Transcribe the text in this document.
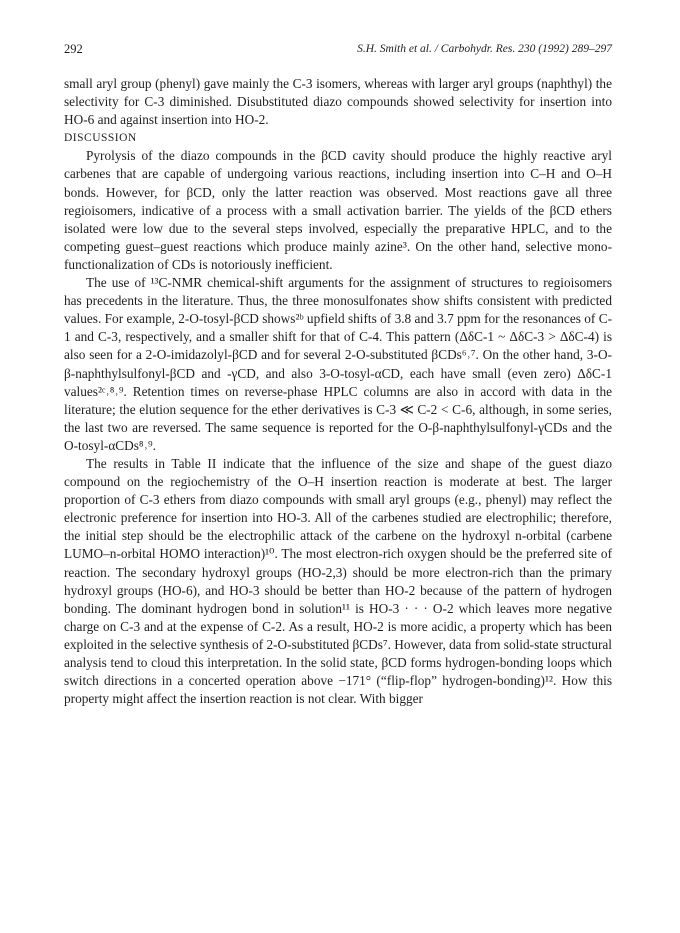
292	S.H. Smith et al. / Carbohydr. Res. 230 (1992) 289–297

small aryl group (phenyl) gave mainly the C-3 isomers, whereas with larger aryl groups (naphthyl) the selectivity for C-3 diminished. Disubstituted diazo compounds showed selectivity for insertion into HO-6 and against insertion into HO-2.

DISCUSSION

Pyrolysis of the diazo compounds in the βCD cavity should produce the highly reactive aryl carbenes that are capable of undergoing various reactions, including insertion into C–H and O–H bonds. However, for βCD, only the latter reaction was observed. Most reactions gave all three regioisomers, indicative of a process with a small activation barrier. The yields of the βCD ethers isolated were low due to the several steps involved, especially the preparative HPLC, and to the competing guest–guest reactions which produce mainly azine³. On the other hand, selective mono-functionalization of CDs is notoriously inefficient.

The use of ¹³C-NMR chemical-shift arguments for the assignment of structures to regioisomers has precedents in the literature. Thus, the three monosulfonates show shifts consistent with predicted values. For example, 2-O-tosyl-βCD shows²ᵇ upfield shifts of 3.8 and 3.7 ppm for the resonances of C-1 and C-3, respectively, and a smaller shift for that of C-4. This pattern (ΔδC-1 ~ ΔδC-3 > ΔδC-4) is also seen for a 2-O-imidazolyl-βCD and for several 2-O-substituted βCDs⁶˒⁷. On the other hand, 3-O-β-naphthylsulfonyl-βCD and -γCD, and also 3-O-tosyl-αCD, each have small (even zero) ΔδC-1 values²ᶜ˒⁸˒⁹. Retention times on reverse-phase HPLC columns are also in accord with data in the literature; the elution sequence for the ether derivatives is C-3 ≪ C-2 < C-6, although, in some series, the last two are reversed. The same sequence is reported for the O-β-naphthylsulfonyl-γCDs and the O-tosyl-αCDs⁸˒⁹.

The results in Table II indicate that the influence of the size and shape of the guest diazo compound on the regiochemistry of the O–H insertion reaction is moderate at best. The larger proportion of C-3 ethers from diazo compounds with small aryl groups (e.g., phenyl) may reflect the electronic preference for insertion into HO-3. All of the carbenes studied are electrophilic; therefore, the initial step should be the electrophilic attack of the carbene on the hydroxyl n-orbital (carbene LUMO–n-orbital HOMO interaction)¹⁰. The most electron-rich oxygen should be the preferred site of reaction. The secondary hydroxyl groups (HO-2,3) should be more electron-rich than the primary hydroxyl groups (HO-6), and HO-3 should be better than HO-2 because of the pattern of hydrogen bonding. The dominant hydrogen bond in solution¹¹ is HO-3 · · · O-2 which leaves more negative charge on C-3 and at the expense of C-2. As a result, HO-2 is more acidic, a property which has been exploited in the selective synthesis of 2-O-substituted βCDs⁷. However, data from solid-state structural analysis tend to cloud this interpretation. In the solid state, βCD forms hydrogen-bonding loops which switch directions in a concerted operation above −171° (“flip-flop” hydrogen-bonding)¹². How this property might affect the insertion reaction is not clear. With bigger
